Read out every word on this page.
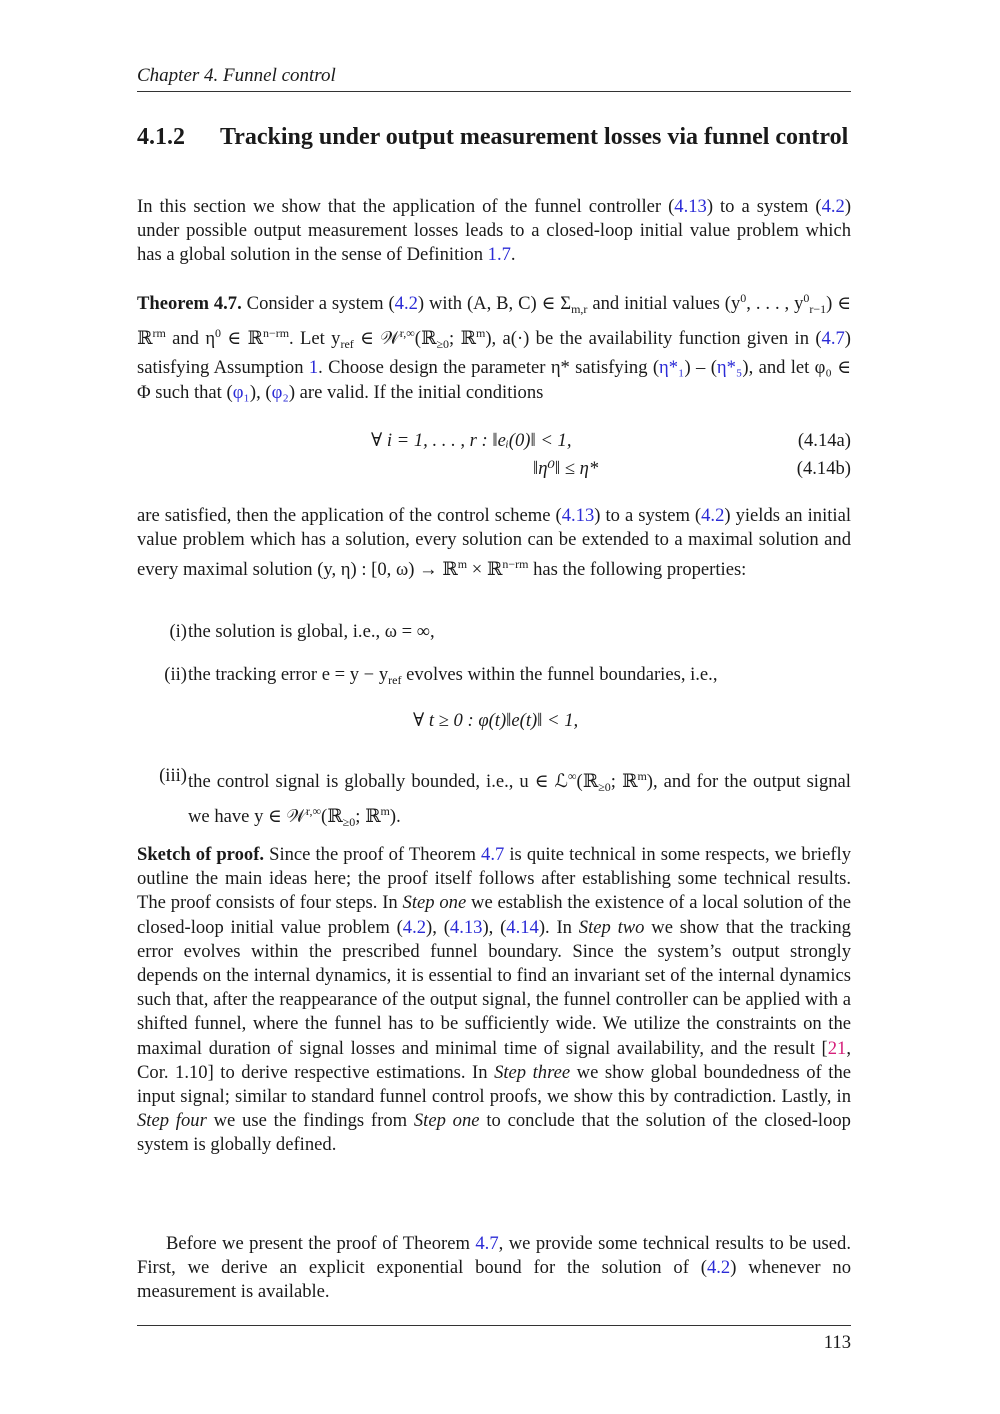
Chapter 4. Funnel control
4.1.2 Tracking under output measurement losses via funnel control

In this section we show that the application of the funnel controller (4.13) to a system (4.2) under possible output measurement losses leads to a closed-loop initial value problem which has a global solution in the sense of Definition 1.7.

Theorem 4.7. Consider a system (4.2) with (A, B, C) ∈ $\Sigma_{m,r}$ and initial values ($y^0$, . . . , $y^0_{r-1}$) ∈ ℝ$^{rm}$ and $\eta^0$ ∈ ℝ$^{n-rm}$. Let $y_{ref}$ ∈ 𝒲$^{r,\infty}$(ℝ$_{\ge 0}$; ℝ$^m$), a(·) be the availability function given in (4.7) satisfying Assumption 1. Choose design the parameter η* satisfying (η*₁) – (η*₅), and let φ₀ ∈ Φ such that (φ₁), (φ₂) are valid. If the initial conditions

∀ i = 1, . . . , r : ‖eᵢ(0)‖ < 1,	(4.14a)
‖η⁰‖ ≤ η*	(4.14b)

are satisfied, then the application of the control scheme (4.13) to a system (4.2) yields an initial value problem which has a solution, every solution can be extended to a maximal solution and every maximal solution (y, η) : [0, ω) → ℝ$^m$ × ℝ$^{n-rm}$ has the following properties:

(i) the solution is global, i.e., ω = ∞,
(ii) the tracking error $e = y - y_{ref}$ evolves within the funnel boundaries, i.e.,
∀ t ≥ 0 : φ(t)‖e(t)‖ < 1,
(iii) the control signal is globally bounded, i.e., u ∈ ℒ∞(ℝ$_{\ge 0}$; ℝ$^m$), and for the output signal we have y ∈ 𝒲$^{r,\infty}$(ℝ$_{\ge 0}$; ℝ$^m$).

Sketch of proof. Since the proof of Theorem 4.7 is quite technical in some respects, we briefly outline the main ideas here; the proof itself follows after establishing some technical results. The proof consists of four steps. In Step one we establish the existence of a local solution of the closed-loop initial value problem (4.2), (4.13), (4.14). In Step two we show that the tracking error evolves within the prescribed funnel boundary. Since the system’s output strongly depends on the internal dynamics, it is essential to find an invariant set of the internal dynamics such that, after the reappearance of the output signal, the funnel controller can be applied with a shifted funnel, where the funnel has to be sufficiently wide. We utilize the constraints on the maximal duration of signal losses and minimal time of signal availability, and the result [21, Cor. 1.10] to derive respective estimations. In Step three we show global boundedness of the input signal; similar to standard funnel control proofs, we show this by contradiction. Lastly, in Step four we use the findings from Step one to conclude that the solution of the closed-loop system is globally defined.

Before we present the proof of Theorem 4.7, we provide some technical results to be used. First, we derive an explicit exponential bound for the solution of (4.2) whenever no measurement is available.

113
